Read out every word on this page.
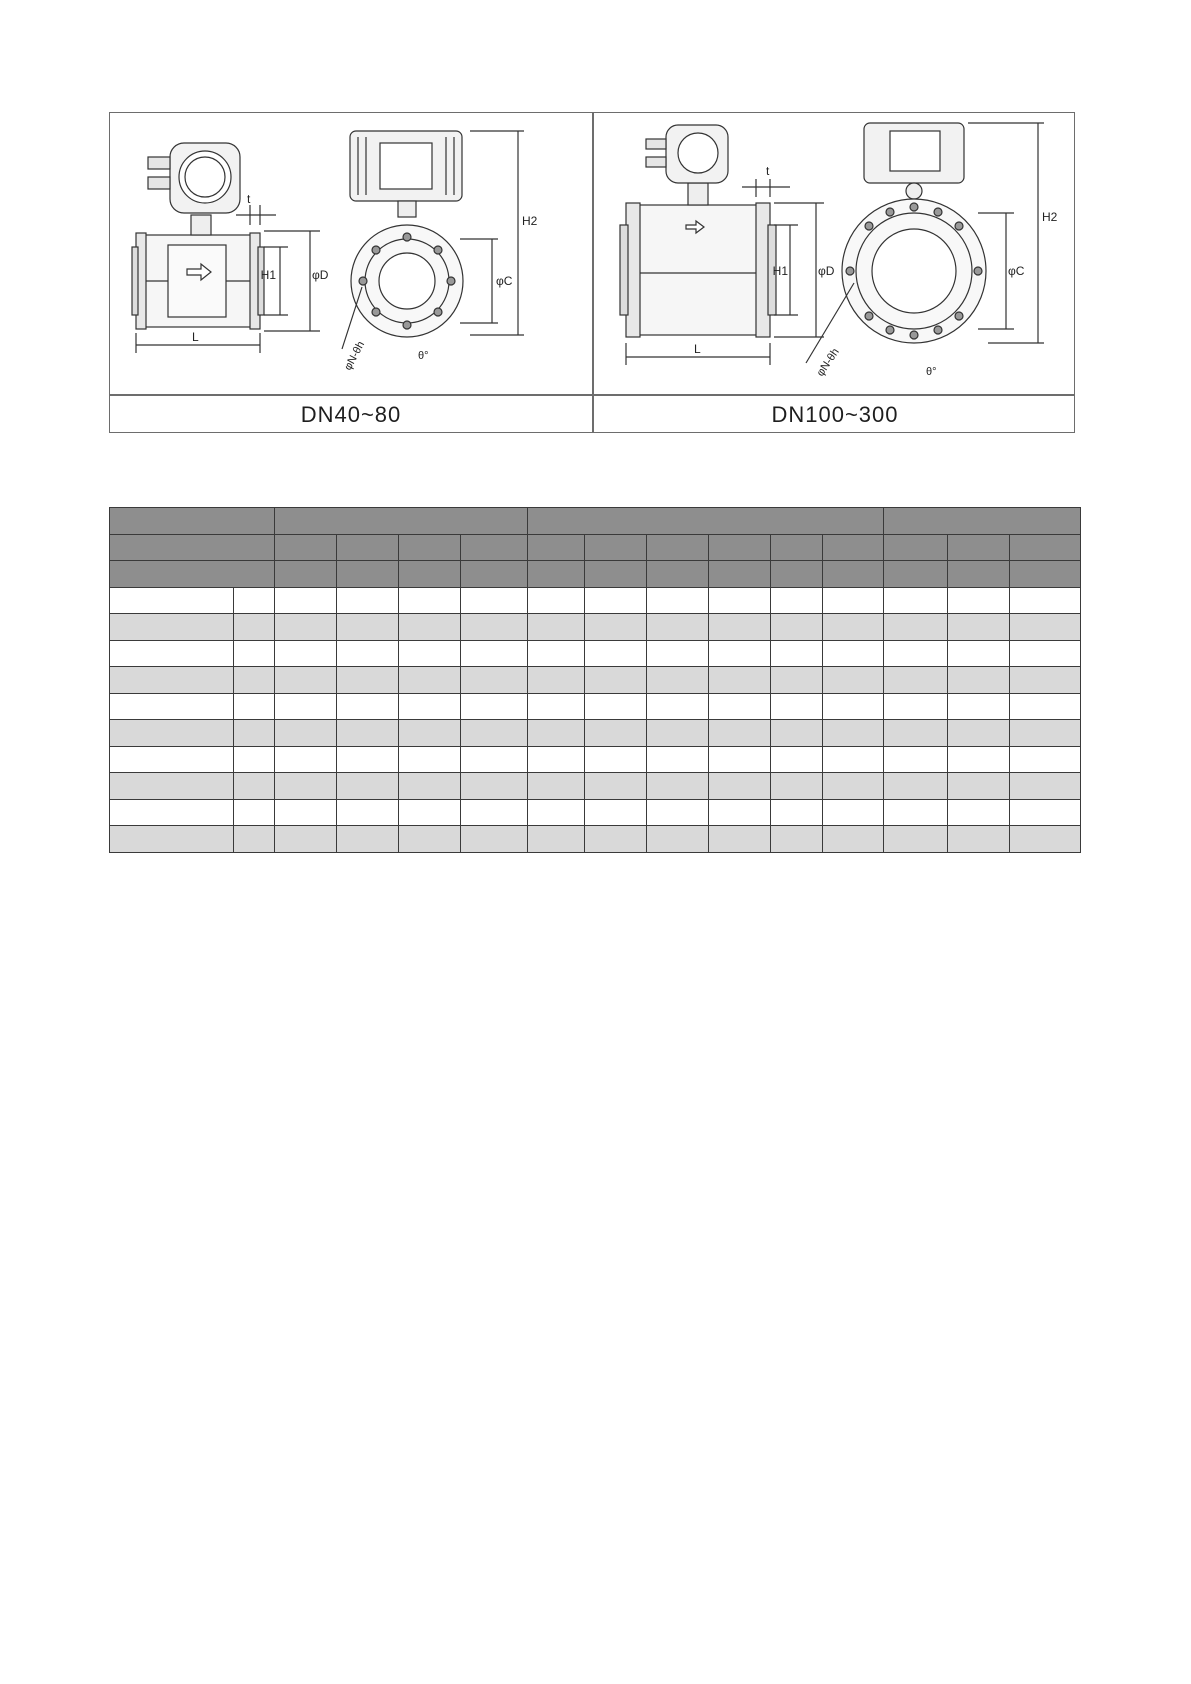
t
H1	φD
L
φC
H2
φN-θh	θ°
t
H1	φD
L
φC
H2
φN-θh	θ°
DN40~80	DN100~300
